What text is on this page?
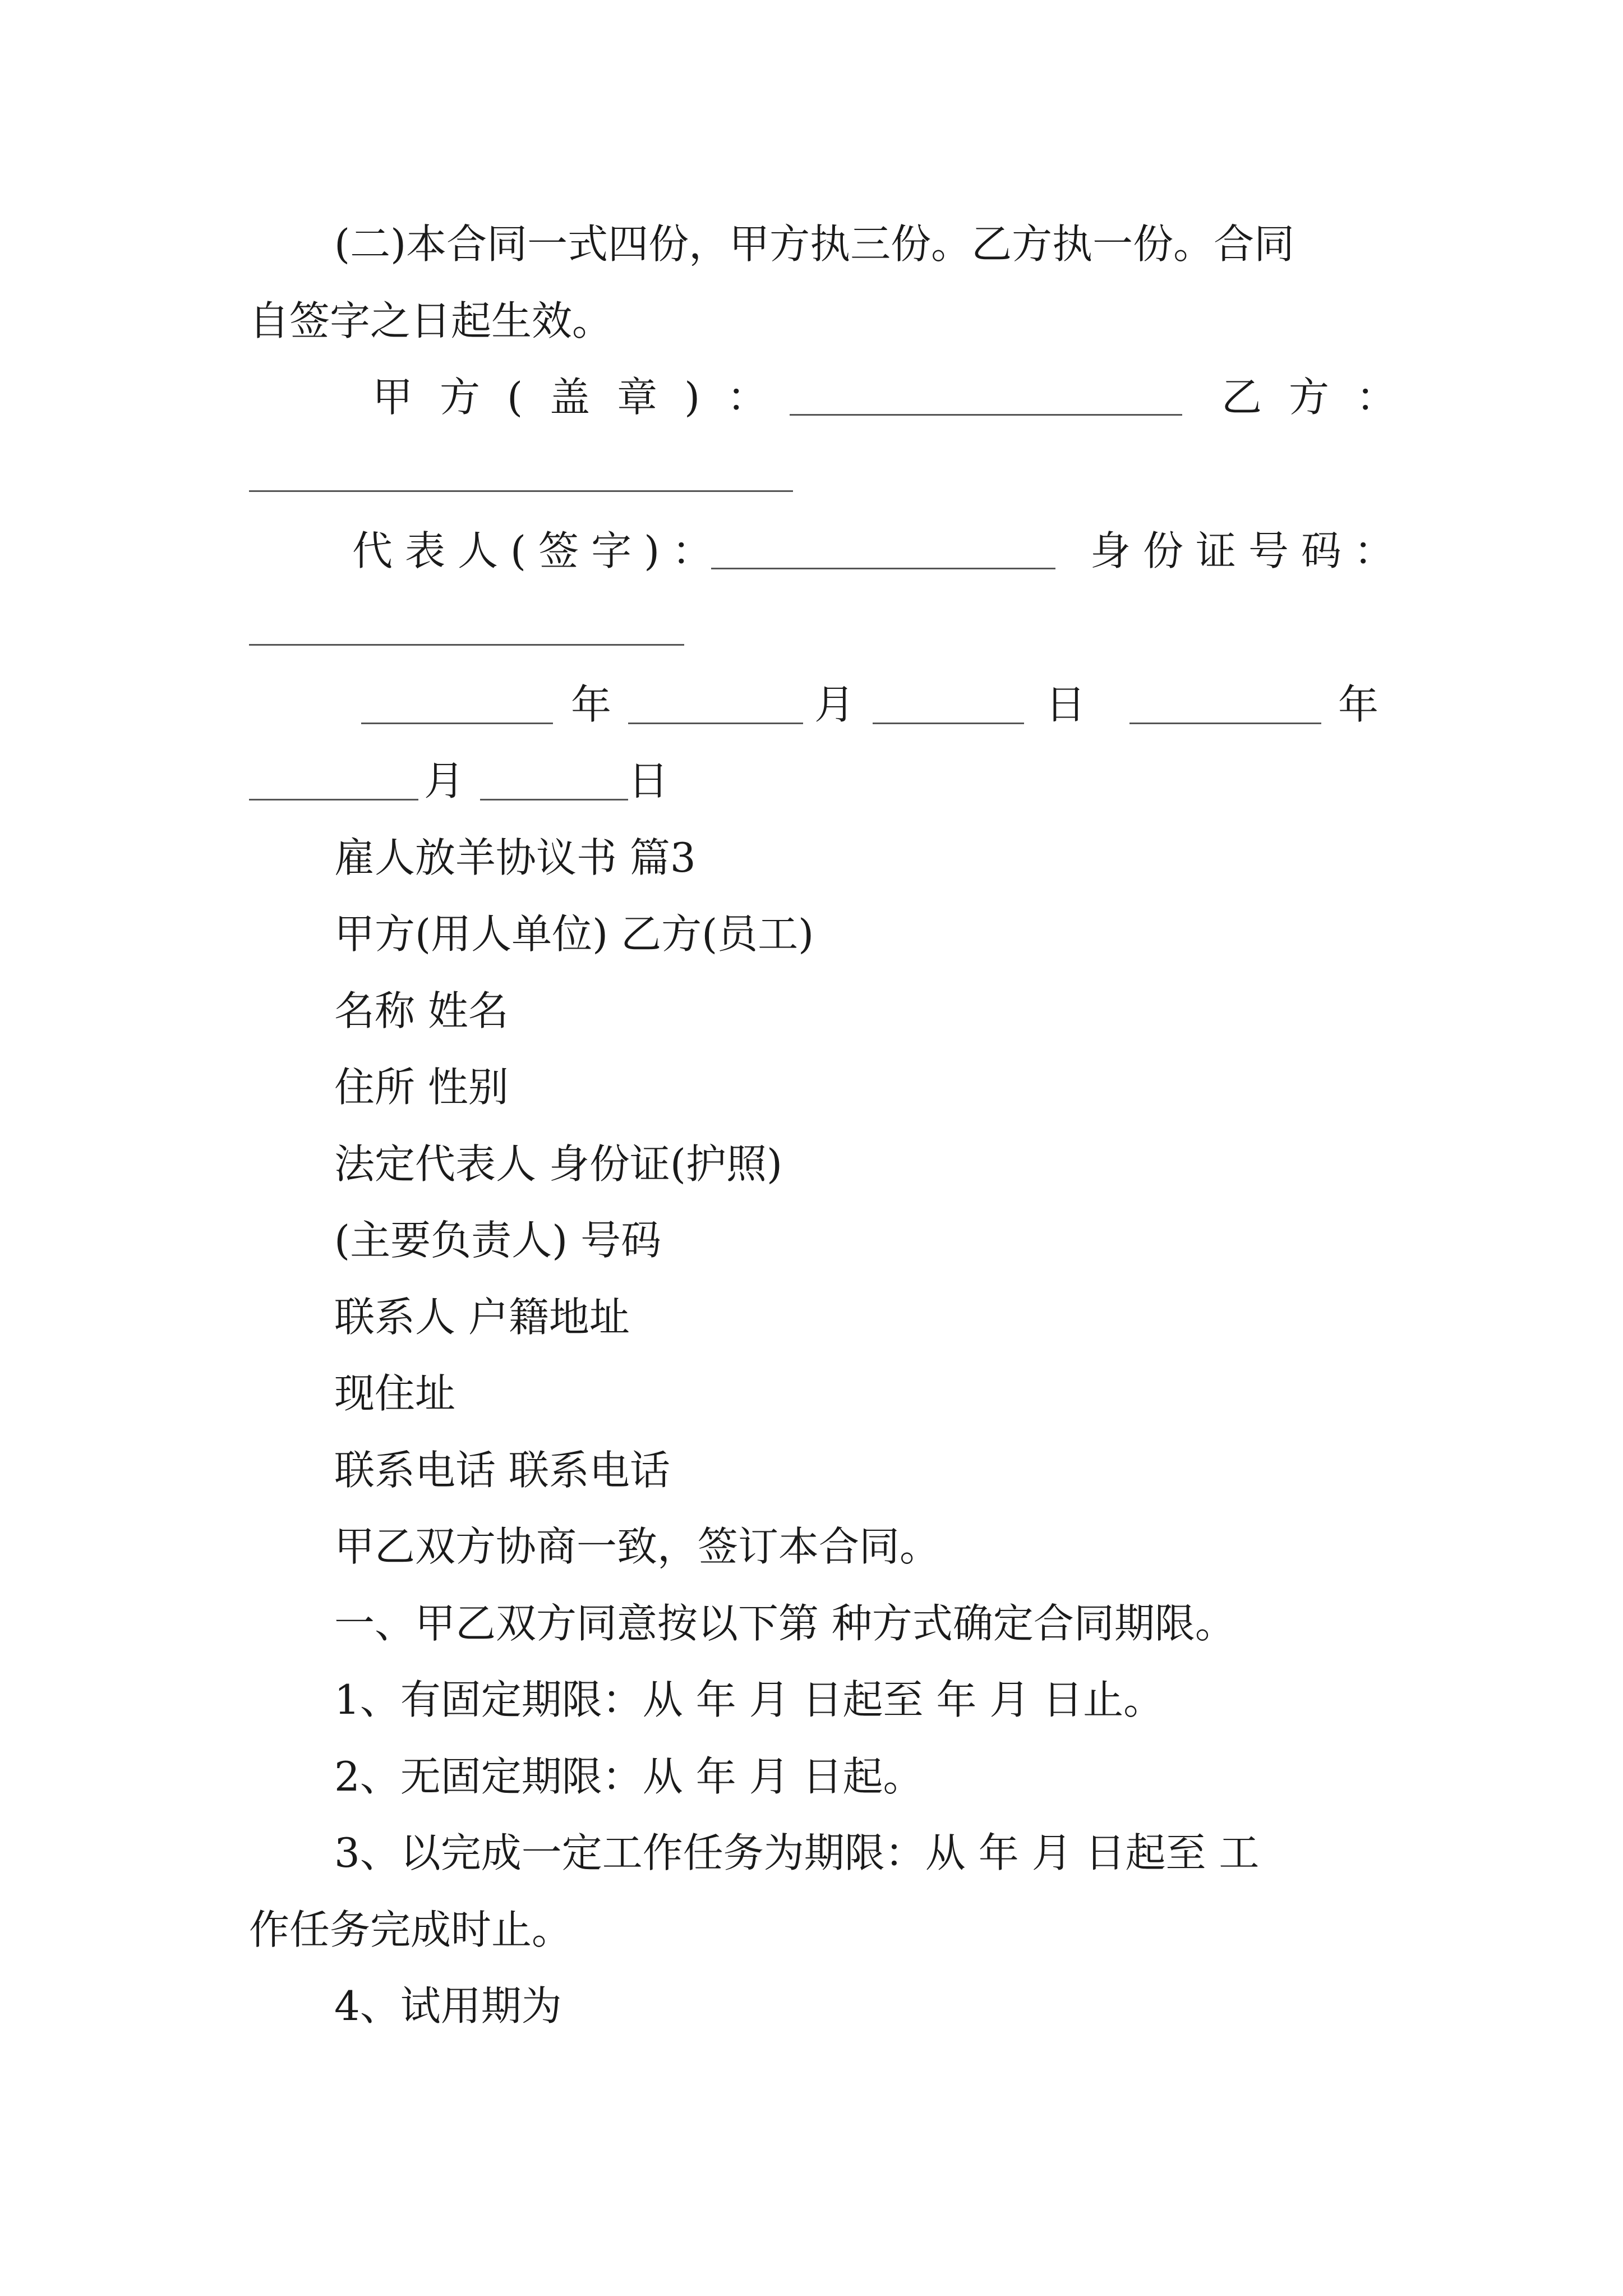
(二)本合同一式四份，甲方执三份。乙方执一份。合同
自签字之日起生效。
甲方(盖章)：	乙方：
代表人(签字)：	身份证号码：
年	月	日	年
月	日
雇人放羊协议书 篇3
甲方(用人单位) 乙方(员工)
名称 姓名
住所 性别
法定代表人 身份证(护照)
(主要负责人) 号码
联系人 户籍地址
现住址
联系电话 联系电话
甲乙双方协商一致，签订本合同。
一、甲乙双方同意按以下第 种方式确定合同期限。
1、有固定期限：从 年 月 日起至 年 月 日止。
2、无固定期限：从 年 月 日起。
3、以完成一定工作任务为期限：从 年 月 日起至 工
作任务完成时止。
4、试用期为
